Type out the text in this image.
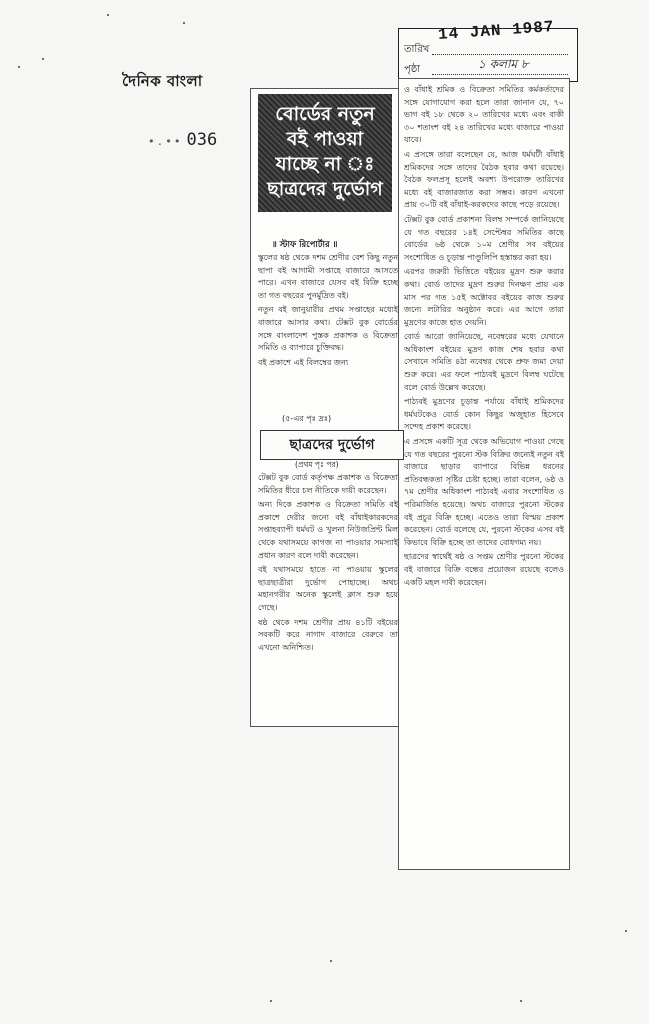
দৈনিক বাংলা
•.•• 036
14 JAN 1987
তারিখ
পৃষ্ঠা	১ কলাম ৮
বোর্ডের নতুন
বই পাওয়া
যাচ্ছে না ঃ
ছাত্রদের দুর্ভোগ
॥ স্টাফ রিপোর্টার ॥

স্কুলের ষষ্ঠ থেকে দশম শ্রেণীর বেশ কিছু নতুন ছাপা বই আগামী সপ্তাহে বাজারে আসতে পারে। এখন বাজারে যেসব বই বিক্রি হচ্ছে তা গত বছরের পুনর্মুদ্রিত বই।

নতুন বই জানুয়ারীর প্রথম সপ্তাহের মধ্যেই বাজারে আসার কথা। টেক্সট বুক বোর্ডের সঙ্গে বাংলাদেশ পুস্তক প্রকাশক ও বিক্রেতা সমিতি ও ব্যাপারে চুক্তিবদ্ধ।

বই প্রকাশে এই বিলম্বের জন্য

(৫-এর পৃঃ দ্রঃ)
ছাত্রদের দুর্ভোগ
(প্রথম পৃঃ পর)

টেক্সট বুক বোর্ড কর্তৃপক্ষ প্রকাশক ও বিক্রেতা সমিতির ধীরে চল নীতিকে দায়ী করেছেন।

অন্য দিকে প্রকাশক ও বিক্রেতা সমিতি বই প্রকাশে দেরীর জন্যে বই বাঁধাইকারকদের সপ্তাহব্যাপী ধর্মঘট ও খুলনা নিউজপ্রিন্ট মিল থেকে যথাসময়ে কাগজ না পাওয়ার সমস্যাই প্রধান কারণ বলে দাবী করেছেন।

বই যথাসময়ে হাতে না পাওয়ায় স্কুলের ছাত্রছাত্রীরা দুর্ভোগ পোহাচ্ছে। অথচ মহানগরীর অনেক স্কুলেই ক্লাস শুরু হয়ে গেছে।

ষষ্ঠ থেকে দশম শ্রেণীর প্রায় ৪১টি বইয়ের সবকটি করে নাগাদ বাজারে বেরুবে তা এখনো অনিশ্চিত।

ও বাঁধাই শ্রমিক ও বিক্রেতা সমিতির কর্মকর্তাদের সঙ্গে যোগাযোগ করা হলে তারা জানান যে, ৭০ ভাগ বই ১৮ থেকে ২০ তারিখের মধ্যে এবং বাকী ৩০ শতাংশ বই ২৪ তারিখের মধ্যে বাজারে পাওয়া যাবে।

এ প্রসঙ্গে তারা বলেছেন যে, আজ ধর্মঘটী বাঁধাই শ্রমিকদের সঙ্গে তাদের বৈঠক হবার কথা রয়েছে। বৈঠক ফলপ্রসূ হলেই অবশ্য উপরোক্ত তারিখের মধ্যে বই বাজারজাত করা সম্ভব। কারণ এখনো প্রায় ৩০টি বই বাঁধাই-করকদের কাছে পড়ে রয়েছে।

টেক্সট বুক বোর্ড প্রকাশনা বিলম্ব সম্পর্কে জানিয়েছে যে গত বছরের ১৪ই সেপ্টেম্বর সমিতির কাছে বোর্ডের ৬ষ্ঠ থেকে ১০ম শ্রেণীর সব বইয়ের সংশোধিত ও চূড়ান্ত পাণ্ডুলিপি হস্তান্তর করা হয়।

এরপর জরুরী ভিত্তিতে বইয়ের মুদ্রণ শুরু করার কথা। বোর্ড তাদের মুদ্রণ শুরুর দিনক্ষণ প্রায় এক মাস পর গত ১৫ই অক্টোবর বইয়ের কাজ শুরুর জন্যে লটারির অনুষ্ঠান করে। এর আগে তারা মুদ্রণের কাজে হাত দেয়নি।

বোর্ড আরো জানিয়েছে, নবেম্বরের মধ্যে যেখানে অধিকাংশ বইয়ের মুদ্রণ কাজ শেষ হবার কথা সেখানে সমিতি ৪ঠা নবেম্বর থেকে প্রুফ জমা দেয়া শুরু করে। এর ফলে পাঠ্যবই মুদ্রণে বিলম্ব ঘটেছে বলে বোর্ড উল্লেখ করেছে।

পাঠ্যবই মুদ্রণের চূড়ান্ত পর্যায়ে বাঁধাই শ্রমিকদের ধর্মঘটকেও বোর্ড কোন কিছুর অজুহাত হিসেবে সন্দেহ প্রকাশ করেছে।

এ প্রসঙ্গে একটি সূত্র থেকে অভিযোগ পাওয়া গেছে যে গত বছরের পুরনো স্টক বিক্রির জন্যেই নতুন বই বাজারে ছাড়ার ব্যাপারে বিভিন্ন ধরনের প্রতিবন্ধকতা সৃষ্টির চেষ্টা হচ্ছে। তারা বলেন, ৬ষ্ঠ ও ৭ম শ্রেণীর অধিকাংশ পাঠ্যবই এবার সংশোধিত ও পরিমার্জিত হয়েছে। অথচ বাজারে পুরনো স্টকের বই প্রচুর বিক্রি হচ্ছে। এতেও তারা বিস্ময় প্রকাশ করেছেন। বোর্ড বলেছে যে, পুরনো স্টকের এসব বই কিভাবে বিক্রি হচ্ছে তা তাদের বোধগম্য নয়।

ছাত্রদের স্বার্থেই ষষ্ঠ ও সপ্তম শ্রেণীর পুরনো স্টকের বই বাজারে বিক্রি বন্ধের প্রয়োজন রয়েছে বলেও একটি মহল দাবী করেছেন।
